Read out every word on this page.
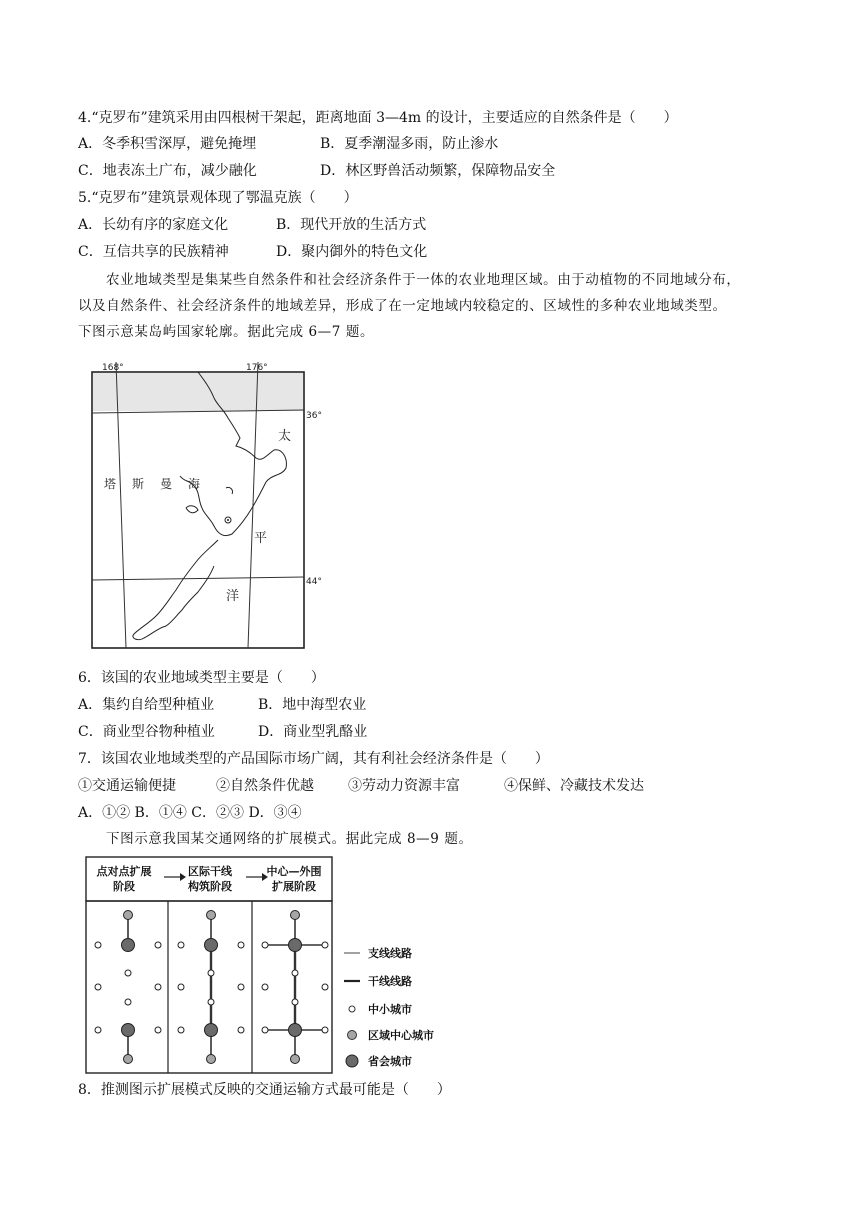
4.“克罗布”建筑采用由四根树干架起，距离地面 3—4m 的设计，主要适应的自然条件是（　　）
A．冬季积雪深厚，避免掩埋	B．夏季潮湿多雨，防止渗水
C．地表冻土广布，减少融化	D．林区野兽活动频繁，保障物品安全
5.“克罗布”建筑景观体现了鄂温克族（　　）
A．长幼有序的家庭文化	B．现代开放的生活方式
C．互信共享的民族精神	D．聚内御外的特色文化
农业地域类型是集某些自然条件和社会经济条件于一体的农业地理区域。由于动植物的不同地域分布，
以及自然条件、社会经济条件的地域差异，形成了在一定地域内较稳定的、区域性的多种农业地域类型。
下图示意某岛屿国家轮廓。据此完成 6—7 题。
168°	176°
36°
44°
塔 斯 曼 海
太
平
洋
6．该国的农业地域类型主要是（　　）
A．集约自给型种植业	B．地中海型农业
C．商业型谷物种植业	D．商业型乳酪业
7．该国农业地域类型的产品国际市场广阔，其有利社会经济条件是（　　）
①交通运输便捷	②自然条件优越 ③劳动力资源丰富	④保鲜、冷藏技术发达
A．①② B．①④ C．②③ D．③④
下图示意我国某交通网络的扩展模式。据此完成 8—9 题。
点对点扩展
阶段
区际干线
构筑阶段
中心—外围
扩展阶段
支线线路
干线线路
中小城市
区域中心城市
省会城市
8．推测图示扩展模式反映的交通运输方式最可能是（　　）
